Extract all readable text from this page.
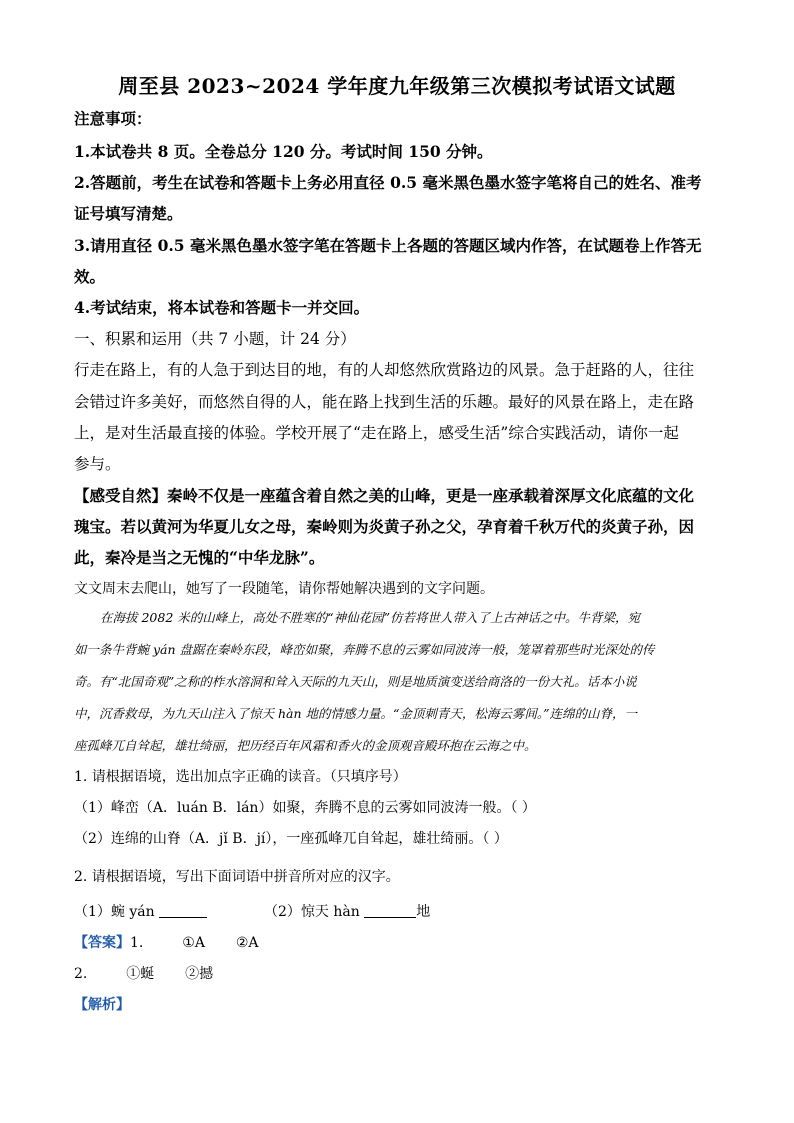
周至县 2023~2024 学年度九年级第三次模拟考试语文试题
注意事项：
1.本试卷共 8 页。全卷总分 120 分。考试时间 150 分钟。
2.答题前，考生在试卷和答题卡上务必用直径 0.5 毫米黑色墨水签字笔将自己的姓名、准考
证号填写清楚。
3.请用直径 0.5 毫米黑色墨水签字笔在答题卡上各题的答题区域内作答，在试题卷上作答无
效。
4.考试结束，将本试卷和答题卡一并交回。
一、积累和运用（共 7 小题，计 24 分）
行走在路上，有的人急于到达目的地，有的人却悠然欣赏路边的风景。急于赶路的人，往往
会错过许多美好，而悠然自得的人，能在路上找到生活的乐趣。最好的风景在路上，走在路
上，是对生活最直接的体验。学校开展了“走在路上，感受生活”综合实践活动，请你一起
参与。
【感受自然】秦岭不仅是一座蕴含着自然之美的山峰，更是一座承载着深厚文化底蕴的文化
瑰宝。若以黄河为华夏儿女之母，秦岭则为炎黄子孙之父，孕育着千秋万代的炎黄子孙，因
此，秦冷是当之无愧的“中华龙脉”。
文文周末去爬山，她写了一段随笔，请你帮她解决遇到的文字问题。
在海拔 2082 米的山峰上，高处不胜寒的“神仙花园”仿若将世人带入了上古神话之中。牛背梁，宛
如一条牛背蜿 yán 盘踞在秦岭东段，峰峦如聚，奔腾不息的云雾如同波涛一般，笼罩着那些时光深处的传
奇。有“北国奇观”之称的柞水溶洞和耸入天际的九天山，则是地质演变送给商洛的一份大礼。话本小说
中，沉香救母，为九天山注入了惊天 hàn 地的情感力量。“金顶刺青天，松海云雾间。”连绵的山脊，一
座孤峰兀自耸起，雄壮绮丽，把历经百年风霜和香火的金顶观音殿环抱在云海之中。
1. 请根据语境，选出加点字正确的读音。（只填序号）
（1）峰峦（A．luán B．lán）如聚，奔腾不息的云雾如同波涛一般。（ ）
（2）连绵的山脊（A．jǐ B．jí），一座孤峰兀自耸起，雄壮绮丽。（ ）
2. 请根据语境，写出下面词语中拼音所对应的汉字。
（1）蜿 yán	（2）惊天 hàn	地
【答案】1.	①A ②A
2.	①蜒 ②撼
【解析】
